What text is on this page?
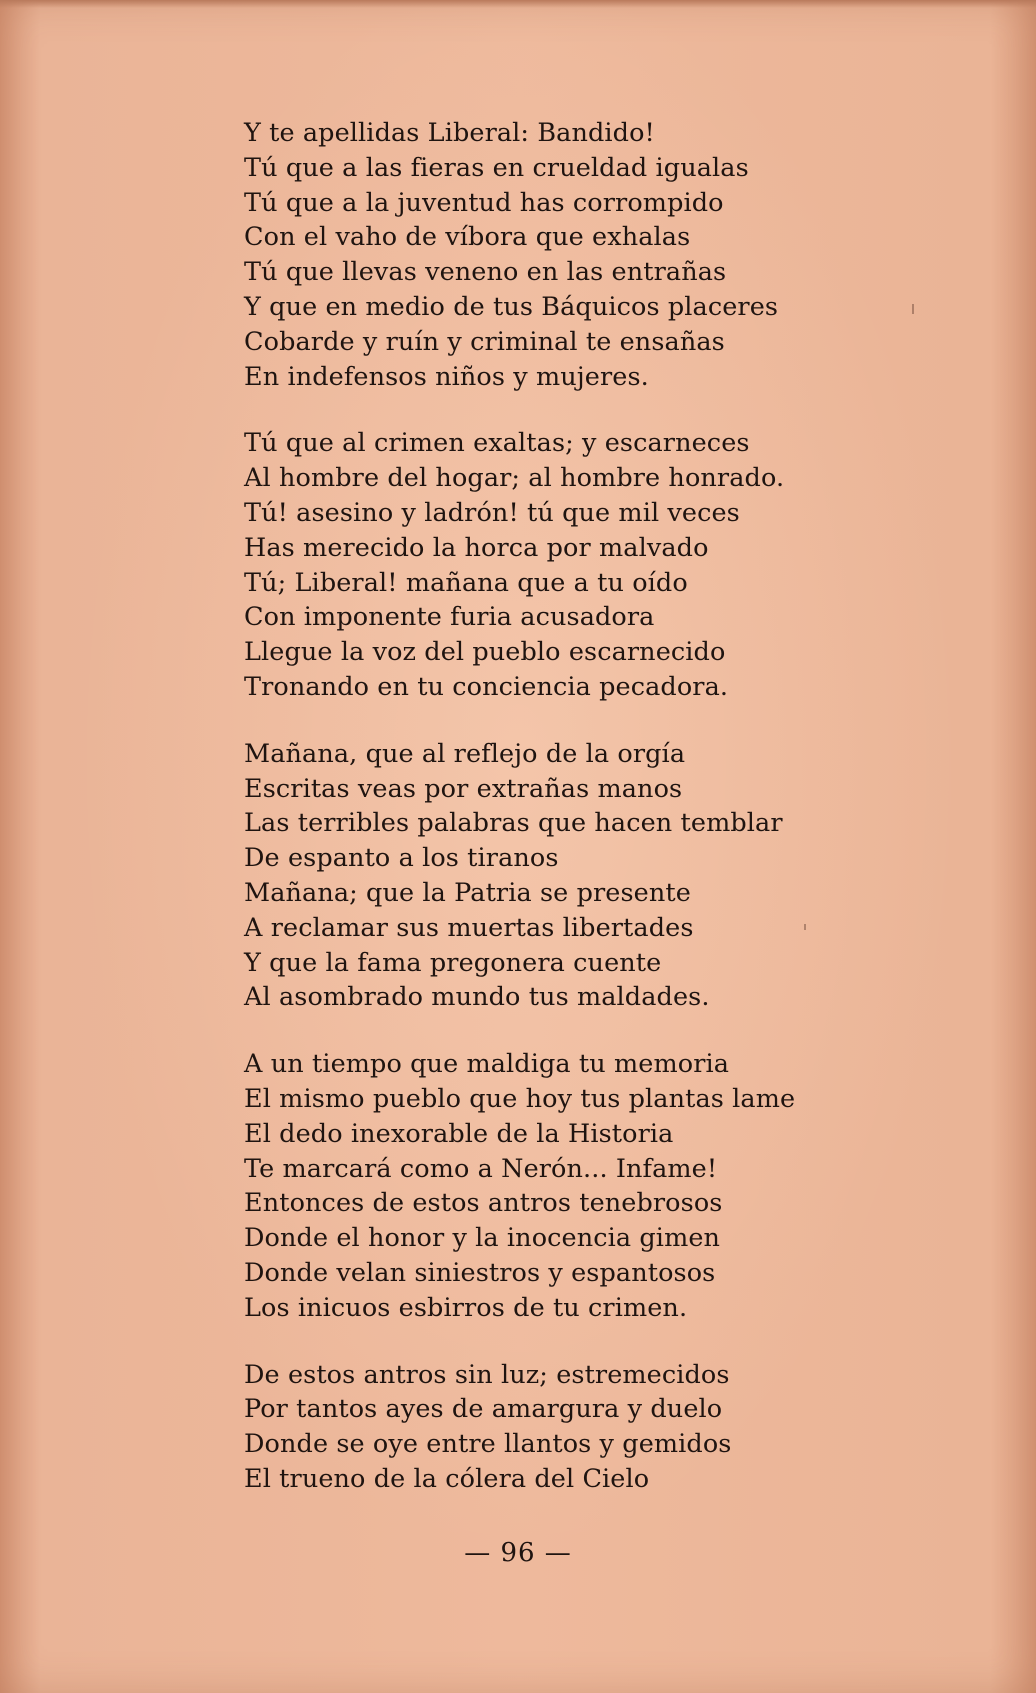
Y te apellidas Liberal: Bandido!
Tú que a las fieras en crueldad igualas
Tú que a la juventud has corrompido
Con el vaho de víbora que exhalas
Tú que llevas veneno en las entrañas
Y que en medio de tus Báquicos placeres
Cobarde y ruín y criminal te ensañas
En indefensos niños y mujeres.
Tú que al crimen exaltas; y escarneces
Al hombre del hogar; al hombre honrado.
Tú! asesino y ladrón! tú que mil veces
Has merecido la horca por malvado
Tú; Liberal! mañana que a tu oído
Con imponente furia acusadora
Llegue la voz del pueblo escarnecido
Tronando en tu conciencia pecadora.
Mañana, que al reflejo de la orgía
Escritas veas por extrañas manos
Las terribles palabras que hacen temblar
De espanto a los tiranos
Mañana; que la Patria se presente
A reclamar sus muertas libertades
Y que la fama pregonera cuente
Al asombrado mundo tus maldades.
A un tiempo que maldiga tu memoria
El mismo pueblo que hoy tus plantas lame
El dedo inexorable de la Historia
Te marcará como a Nerón... Infame!
Entonces de estos antros tenebrosos
Donde el honor y la inocencia gimen
Donde velan siniestros y espantosos
Los inicuos esbirros de tu crimen.
De estos antros sin luz; estremecidos
Por tantos ayes de amargura y duelo
Donde se oye entre llantos y gemidos
El trueno de la cólera del Cielo
— 96 —
